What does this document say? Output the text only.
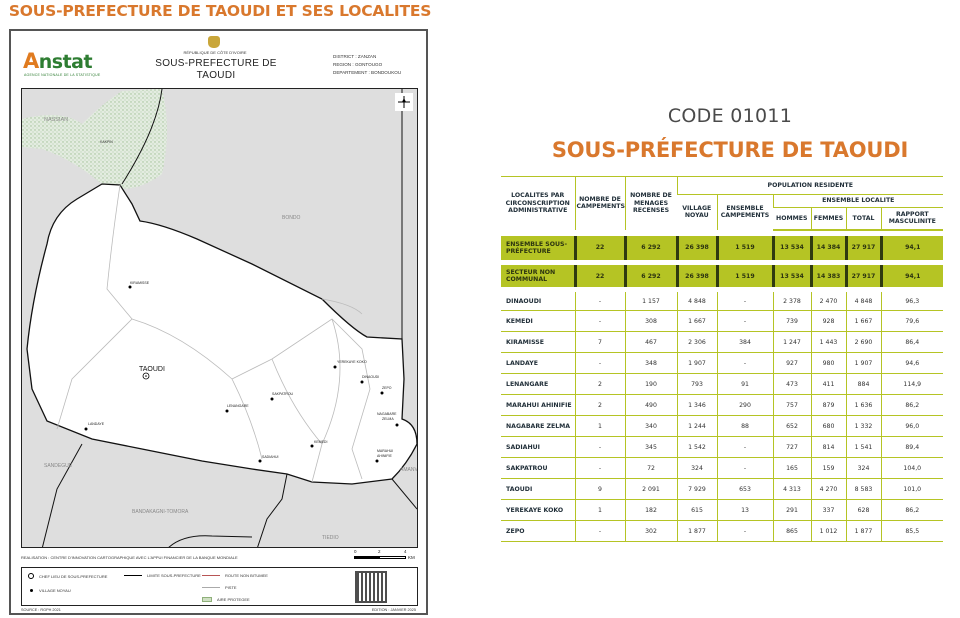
SOUS-PREFECTURE DE TAOUDI ET SES LOCALITES
Anstat
AGENCE NATIONALE DE LA STATISTIQUE
RÉPUBLIQUE DE CÔTE D'IVOIRE
SOUS-PREFECTURE DE
TAOUDI
DISTRICT : ZANZAN
REGION : GONTOUGO
DEPARTEMENT : BONDOUKOU
NASSIAN
KAKPIN
BONDO
SANDEGUE
BANDAKAGNI-TOMORA
TIEDIO
AMANVI
TAOUDI
KIRAMISSE
YEREKAYE KOKO
DINAOUDI
ZEPO
SAKPATROU
LENANGARE
NAGABARE
ZELMA
MARAHUI
AHINIFIE
KEMEDI
SADIAHUI
LANDAYE
REALISATION : CENTRE D'INNOVATION CARTOGRAPHIQUE AVEC L'APPUI FINANCIER DE LA BANQUE MONDIALE
0	2	4
KM
CHEF LIEU DE SOUS-PREFECTURE
VILLAGE NOYAU
LIMITE SOUS-PREFECTURE	ROUTE NON BITUMEE
PISTE
AIRE PROTEGEE
SOURCE : RGPH 2021	EDITION : JANVIER 2025
CODE 01011
SOUS-PRÉFECTURE DE TAOUDI
LOCALITES PAR CIRCONSCRIPTION ADMINISTRATIVE	NOMBRE DE CAMPEMENTS	NOMBRE DE MENAGES RECENSES	POPULATION RESIDENTE					
			VILLAGE NOYAU	ENSEMBLE CAMPEMENTS	ENSEMBLE LOCALITE			
					HOMMES	FEMMES	TOTAL	RAPPORT MASCULINITE

ENSEMBLE SOUS-PRÉFECTURE	22	6 292	26 398	1 519	13 534	14 384	27 917	94,1
SECTEUR NON COMMUNAL	22	6 292	26 398	1 519	13 534	14 383	27 917	94,1
DINAOUDI	-	1 157	4 848	-	2 378	2 470	4 848	96,3
KEMEDI	-	308	1 667	-	739	928	1 667	79,6
KIRAMISSE	7	467	2 306	384	1 247	1 443	2 690	86,4
LANDAYE	-	348	1 907	-	927	980	1 907	94,6
LENANGARE	2	190	793	91	473	411	884	114,9
MARAHUI AHINIFIE	2	490	1 346	290	757	879	1 636	86,2
NAGABARE ZELMA	1	340	1 244	88	652	680	1 332	96,0
SADIAHUI	-	345	1 542	-	727	814	1 541	89,4
SAKPATROU	-	72	324	-	165	159	324	104,0
TAOUDI	9	2 091	7 929	653	4 313	4 270	8 583	101,0
YEREKAYE KOKO	1	182	615	13	291	337	628	86,2
ZEPO	-	302	1 877	-	865	1 012	1 877	85,5
